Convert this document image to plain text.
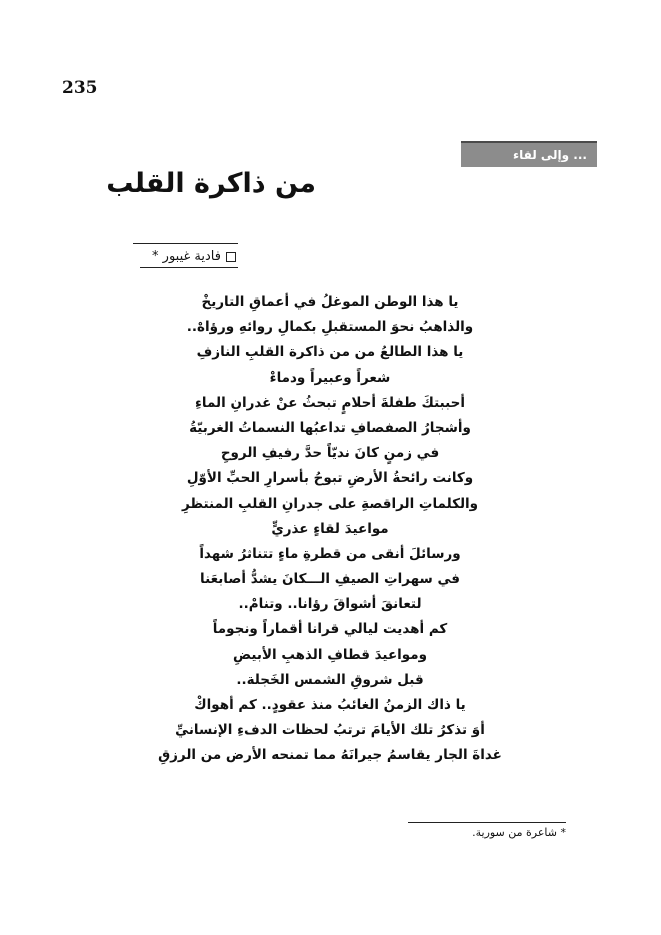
235
... وإلى لقاء
من ذاكرة القلب
فادية غيبور *
يا هذا الوطن الموغلُ في أعماقِ التاريخْ
والذاهبُ نحوَ المستقبلِ بكمالِ روائهِ ورؤاهْ..
يا هذا الطالعُ من من ذاكرة القلبِ النازفِ
شعراً وعبيراً ودماءْ
أحببتكَ طفلةَ أحلامٍ تبحثُ عنْ غدرانِ الماءِ
وأشجارُ الصفصافِ تداعبُها النسماتُ الغربيّةُ
في زمنٍ كانَ نديّاً حدَّ رفيفِ الروحِ
وكانت رائحةُ الأرضِ تبوحُ بأسرارِ الحبِّ الأوّلِ
والكلماتِ الراقصةِ على جدرانِ القلبِ المنتظرِ
مواعيدَ لقاءٍ عذريٍّ
ورسائلَ أنقى من قطرةِ ماءٍ تتناثرُ شهداً
في سهراتِ الصيفِ الـــكانَ يشدُّ أصابعَنا
لتعانقَ أشواقَ رؤانا.. وتنامْ..
كم أهديت ليالي قرانا أقماراً ونجوماً
ومواعيدَ قطافِ الذهبِ الأبيضِ
قبل شروقِ الشمس الخَجلة..
يا ذاك الزمنُ الغائبُ منذ عقودٍ.. كم أهواكْ
أوَ تذكرُ تلك الأيامَ ترتبُ لحظات الدفءِ الإنسانيِّ
غداةَ الجار يقاسمُ جيرانَهُ مما تمنحه الأرض من الرزقِ
* شاعرة من سورية.
